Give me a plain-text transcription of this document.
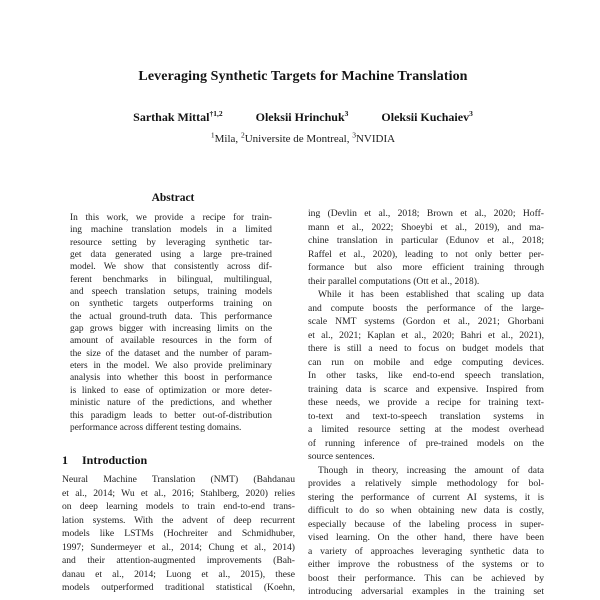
Leveraging Synthetic Targets for Machine Translation
Sarthak Mittal$^{\dagger 1,2}$	Oleksii Hrinchuk$^3$	Oleksii Kuchaiev$^3$
$^1$Mila, $^2$Universite de Montreal, $^3$NVIDIA
Abstract
In this work, we provide a recipe for train-
ing machine translation models in a limited
resource setting by leveraging synthetic tar-
get data generated using a large pre-trained
model. We show that consistently across dif-
ferent benchmarks in bilingual, multilingual,
and speech translation setups, training models
on synthetic targets outperforms training on
the actual ground-truth data. This performance
gap grows bigger with increasing limits on the
amount of available resources in the form of
the size of the dataset and the number of param-
eters in the model. We also provide preliminary
analysis into whether this boost in performance
is linked to ease of optimization or more deter-
ministic nature of the predictions, and whether
this paradigm leads to better out-of-distribution
performance across different testing domains.
1 Introduction
Neural Machine Translation (NMT) (Bahdanau
et al., 2014; Wu et al., 2016; Stahlberg, 2020) relies
on deep learning models to train end-to-end trans-
lation systems. With the advent of deep recurrent
models like LSTMs (Hochreiter and Schmidhuber,
1997; Sundermeyer et al., 2014; Chung et al., 2014)
and their attention-augmented improvements (Bah-
danau et al., 2014; Luong et al., 2015), these
models outperformed traditional statistical (Koehn,
ing (Devlin et al., 2018; Brown et al., 2020; Hoff-
mann et al., 2022; Shoeybi et al., 2019), and ma-
chine translation in particular (Edunov et al., 2018;
Raffel et al., 2020), leading to not only better per-
formance but also more efficient training through
their parallel computations (Ott et al., 2018).
While it has been established that scaling up data
and compute boosts the performance of the large-
scale NMT systems (Gordon et al., 2021; Ghorbani
et al., 2021; Kaplan et al., 2020; Bahri et al., 2021),
there is still a need to focus on budget models that
can run on mobile and edge computing devices.
In other tasks, like end-to-end speech translation,
training data is scarce and expensive. Inspired from
these needs, we provide a recipe for training text-
to-text and text-to-speech translation systems in
a limited resource setting at the modest overhead
of running inference of pre-trained models on the
source sentences.
Though in theory, increasing the amount of data
provides a relatively simple methodology for bol-
stering the performance of current AI systems, it is
difficult to do so when obtaining new data is costly,
especially because of the labeling process in super-
vised learning. On the other hand, there have been
a variety of approaches leveraging synthetic data to
either improve the robustness of the systems or to
boost their performance. This can be achieved by
introducing adversarial examples in the training set
